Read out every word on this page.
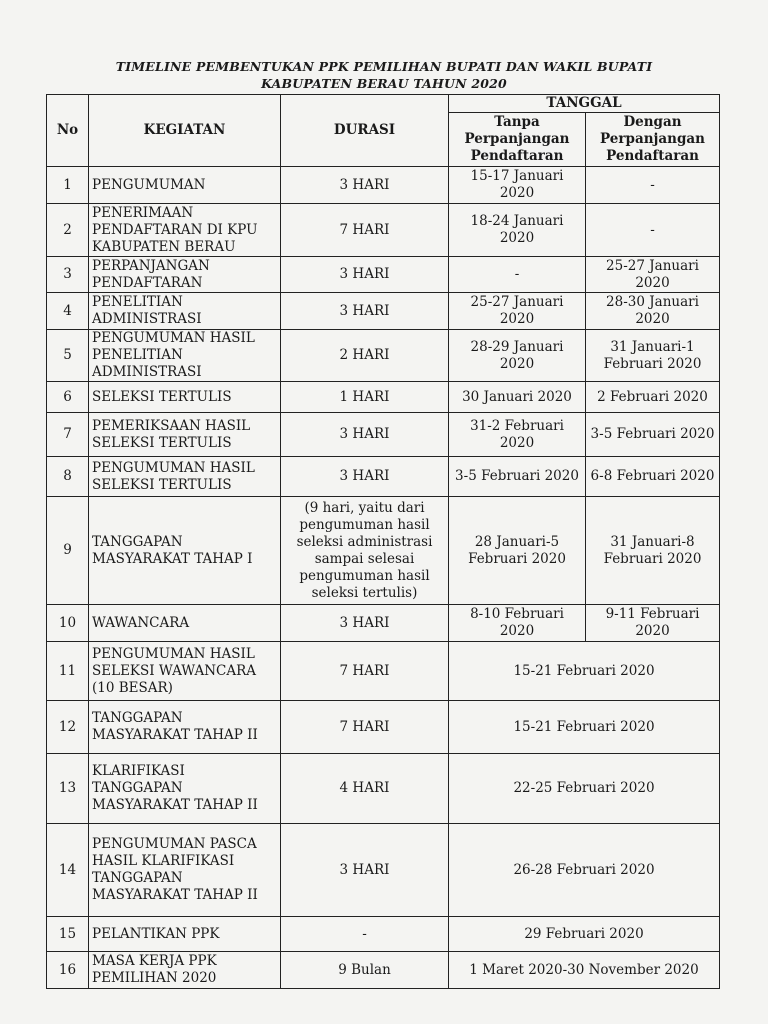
TIMELINE PEMBENTUKAN PPK PEMILIHAN BUPATI DAN WAKIL BUPATI
KABUPATEN BERAU TAHUN 2020
No	KEGIATAN	DURASI	TANGGAL	
			Tanpa Perpanjangan Pendaftaran	Dengan Perpanjangan Pendaftaran
1	PENGUMUMAN	3 HARI	15-17 Januari 2020	-
2	PENERIMAAN PENDAFTARAN DI KPU KABUPATEN BERAU	7 HARI	18-24 Januari 2020	-
3	PERPANJANGAN PENDAFTARAN	3 HARI	-	25-27 Januari 2020
4	PENELITIAN ADMINISTRASI	3 HARI	25-27 Januari 2020	28-30 Januari 2020
5	PENGUMUMAN HASIL PENELITIAN ADMINISTRASI	2 HARI	28-29 Januari 2020	31 Januari-1 Februari 2020
6	SELEKSI TERTULIS	1 HARI	30 Januari 2020	2 Februari 2020
7	PEMERIKSAAN HASIL SELEKSI TERTULIS	3 HARI	31-2 Februari 2020	3-5 Februari 2020
8	PENGUMUMAN HASIL SELEKSI TERTULIS	3 HARI	3-5 Februari 2020	6-8 Februari 2020
9	TANGGAPAN MASYARAKAT TAHAP I	(9 hari, yaitu dari pengumuman hasil seleksi administrasi sampai selesai pengumuman hasil seleksi tertulis)	28 Januari-5 Februari 2020	31 Januari-8 Februari 2020
10	WAWANCARA	3 HARI	8-10 Februari 2020	9-11 Februari 2020
11	PENGUMUMAN HASIL SELEKSI WAWANCARA (10 BESAR)	7 HARI	15-21 Februari 2020	
12	TANGGAPAN MASYARAKAT TAHAP II	7 HARI	15-21 Februari 2020	
13	KLARIFIKASI TANGGAPAN MASYARAKAT TAHAP II	4 HARI	22-25 Februari 2020	
14	PENGUMUMAN PASCA HASIL KLARIFIKASI TANGGAPAN MASYARAKAT TAHAP II	3 HARI	26-28 Februari 2020	
15	PELANTIKAN PPK	-	29 Februari 2020	
16	MASA KERJA PPK PEMILIHAN 2020	9 Bulan	1 Maret 2020-30 November 2020	
